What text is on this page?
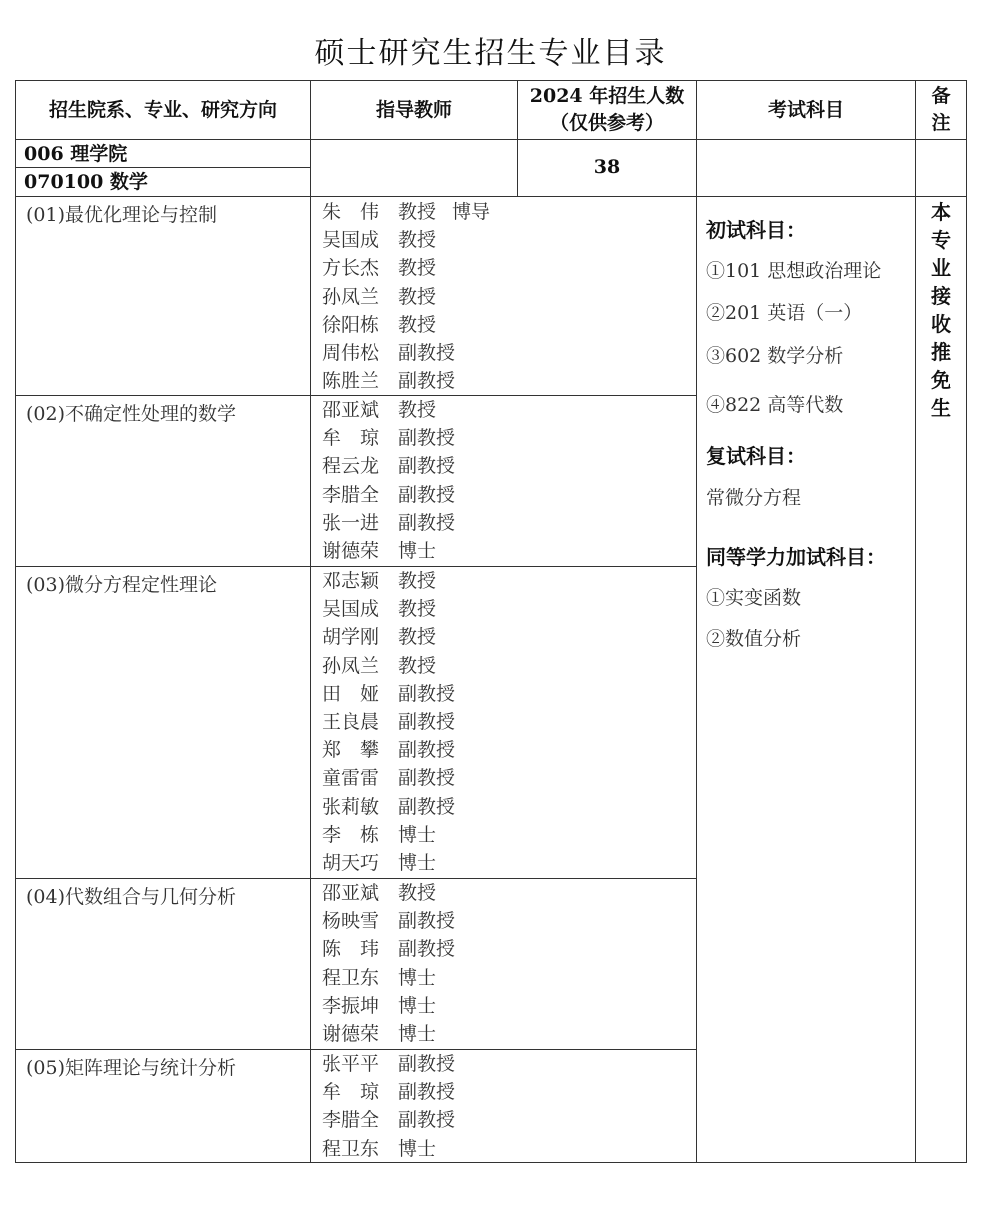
硕士研究生招生专业目录
招生院系、专业、研究方向	指导教师
2024 年招生人数
（仅供参考）
考试科目
备注
006 理学院
070100 数学
38
(01)最优化理论与控制
(02)不确定性处理的数学
(03)微分方程定性理论
(04)代数组合与几何分析
(05)矩阵理论与统计分析
朱　伟 教授 博导
吴国成 教授
方长杰 教授
孙凤兰 教授
徐阳栋 教授
周伟松 副教授
陈胜兰 副教授
邵亚斌 教授
牟　琼 副教授
程云龙 副教授
李腊全 副教授
张一进 副教授
谢德荣 博士
邓志颖 教授
吴国成 教授
胡学刚 教授
孙凤兰 教授
田　娅 副教授
王良晨 副教授
郑　攀 副教授
童雷雷 副教授
张莉敏 副教授
李　栋 博士
胡天巧 博士
邵亚斌 教授
杨映雪 副教授
陈　玮 副教授
程卫东 博士
李振坤 博士
谢德荣 博士
张平平 副教授
牟　琼 副教授
李腊全 副教授
程卫东 博士
初试科目：
①101 思想政治理论
②201 英语（一）
③602 数学分析
④822 高等代数
复试科目：
常微分方程
同等学力加试科目：
①实变函数
②数值分析
本
专
业
接
收
推
免
生
